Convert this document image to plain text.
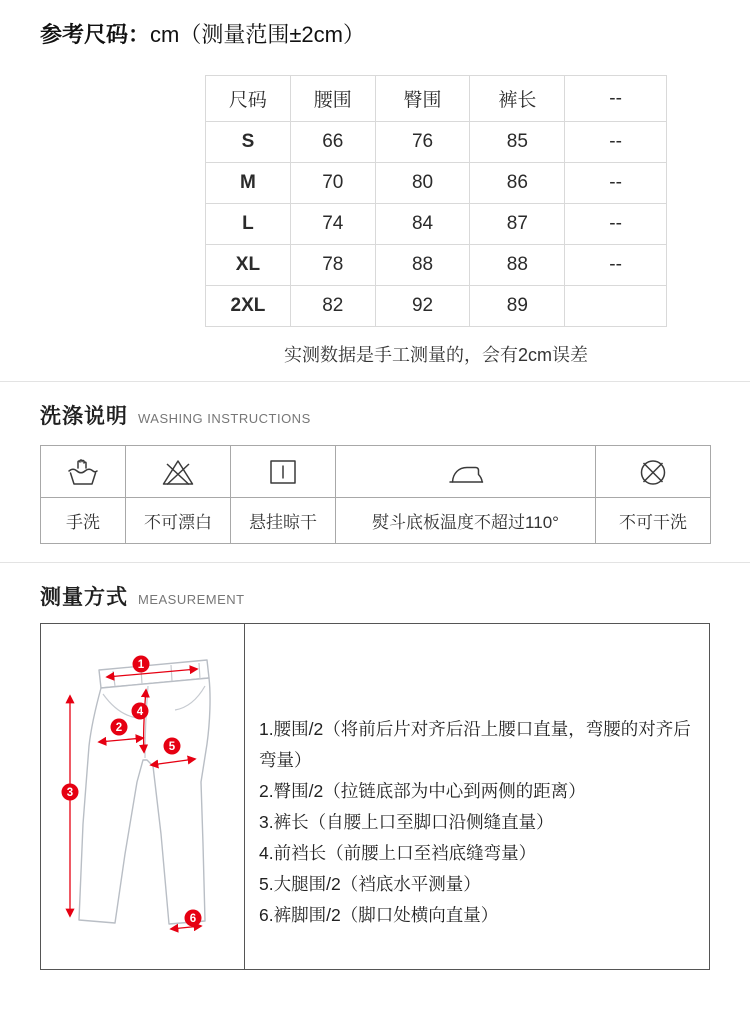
参考尺码：cm（测量范围±2cm）
尺码	腰围	臀围	裤长	--
S	66	76	85	--
M	70	80	86	--
L	74	84	87	--
XL	78	88	88	--
2XL	82	92	89	
实测数据是手工测量的，会有2cm误差
洗涤说明 WASHING INSTRUCTIONS

手洗	不可漂白	悬挂晾干	熨斗底板温度不超过110°	不可干洗
测量方式 MEASUREMENT
1
2
3
4
5
6
1.腰围/2（将前后片对齐后沿上腰口直量，弯腰的对齐后弯量）
2.臀围/2（拉链底部为中心到两侧的距离）
3.裤长（自腰上口至脚口沿侧缝直量）
4.前裆长（前腰上口至裆底缝弯量）
5.大腿围/2（裆底水平测量）
6.裤脚围/2（脚口处横向直量）
